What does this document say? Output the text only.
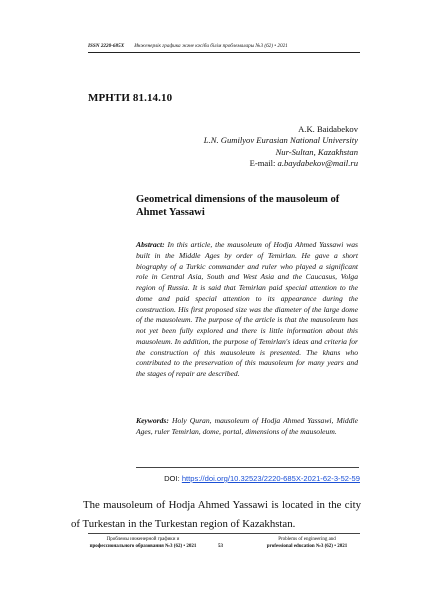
ISSN 2220-685X Инженерлік графика және кәсіби білім проблемалары №3 (62) • 2021
МРНТИ 81.14.10
A.K. Baidabekov
L.N. Gumilyov Eurasian National University
Nur-Sultan, Kazakhstan
E-mail: a.baydabekov@mail.ru
Geometrical dimensions of the mausoleum of
Ahmet Yassawi
Abstract: In this article, the mausoleum of Hodja Ahmed Yassawi was built in the Middle Ages by order of Temirlan. He gave a short biography of a Turkic commander and ruler who played a significant role in Central Asia, South and West Asia and the Caucasus, Volga region of Russia. It is said that Temirlan paid special attention to the dome and paid special attention to its appearance during the construction. His first proposed size was the diameter of the large dome of the mausoleum. The purpose of the article is that the mausoleum has not yet been fully explored and there is little information about this mausoleum. In addition, the purpose of Temirlan's ideas and criteria for the construction of this mausoleum is presented. The khans who contributed to the preservation of this mausoleum for many years and the stages of repair are described.
Keywords: Holy Quran, mausoleum of Hodja Ahmed Yassawi, Middle Ages, ruler Temirlan, dome, portal, dimensions of the mausoleum.
DOI: https://doi.org/10.32523/2220-685X-2021-62-3-52-59
The mausoleum of Hodja Ahmed Yassawi is located in the city of Turkestan in the Turkestan region of Kazakhstan.
Проблемы инженерной графики и
профессионального образования №3 (62) • 2021	53
Problems of engineering and
professional education №3 (62) • 2021
